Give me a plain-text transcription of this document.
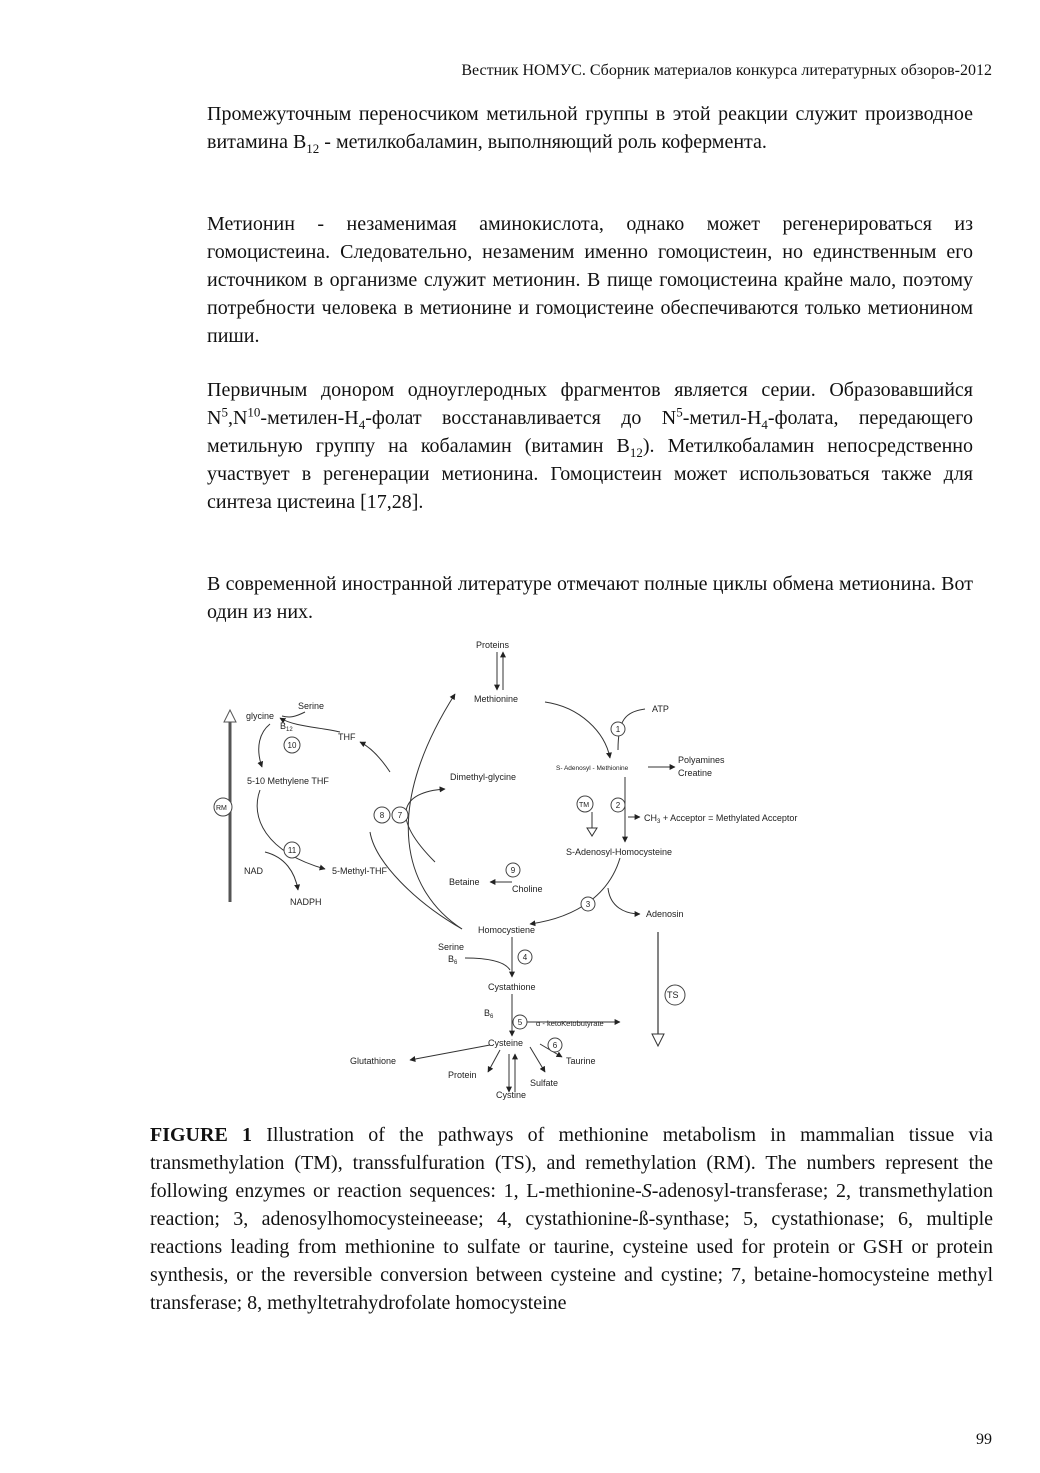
Вестник НОМУС. Сборник материалов конкурса литературных обзоров-2012

Промежуточным переносчиком метильной группы в этой реакции служит производное витамина $В_{12}$ - метилкобаламин, выполняющий роль кофермента.

Метионин - незаменимая аминокислота, однако может регенерироваться из гомоцистеина. Следовательно, незаменим именно гомоцистеин, но единственным его источником в организме служит метионин. В пище гомоцистеина крайне мало, поэтому потребности человека в метионине и гомоцистеине обеспечиваются только метионином пиши.

Первичным донором одноуглеродных фрагментов является серии. Образовавшийся $N^5,N^{10}-метилен-Н_4$-фолат восстанавливается до $N^5-метил-Н_4$-фолата, передающего метильную группу на кобаламин (витамин $В_{12}$). Метилкобаламин непосредственно участвует в регенерации метионина. Гомоцистеин может использоваться также для синтеза цистеина [17,28].

В современной иностранной литературе отмечают полные циклы обмена метионина. Вот один из них.

Proteins
Methionine
ATP
S- Adenosyl - Methionine
Polyamines
Creatine
$CH_3$ + Acceptor = Methylated Acceptor
S-Adenosyl-Homocysteine
Adenosin
Dimethyl-glycine
Betaine
Choline
Homocystiene
Serine
glycine
$B_{12}$
THF
5-10 Methylene THF
5-Methyl-THF
NAD
NADPH
RM	TM
TS
Serine
$B_6$
Cystathione
$B_6$
α - ketoKetobutyrate
Cysteine
Glutathione
Protein
Taurine
Sulfate
Cystine
1
2
3
4
5
6
7
8
9
10
11

FIGURE 1 Illustration of the pathways of methionine metabolism in mammalian tissue via transmethylation (TM), transsfulfuration (TS), and remethylation (RM). The numbers represent the following enzymes or reaction sequences: 1, L-methionine-S-adenosyl-transferase; 2, transmethylation reaction; 3, adenosylhomocysteineease; 4, cystathionine-ß-synthase; 5, cystathionase; 6, multiple reactions leading from methionine to sulfate or taurine, cysteine used for protein or GSH or protein synthesis, or the reversible conversion between cysteine and cystine; 7, betaine-homocysteine methyl transferase; 8, methyltetrahydrofolate homocysteine

99
